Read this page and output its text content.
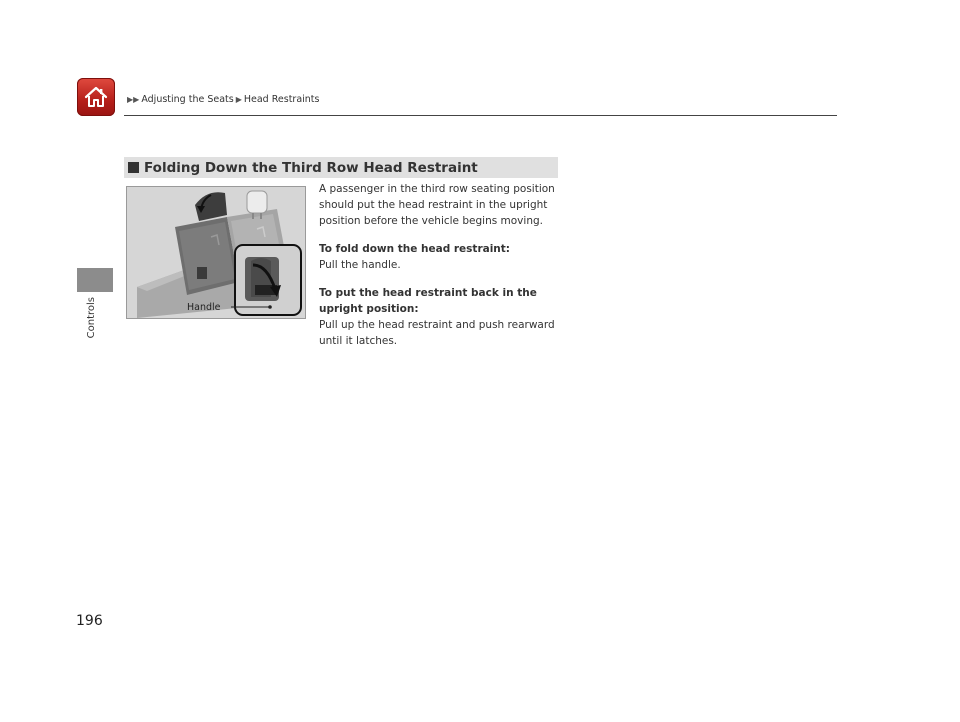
▶▶ Adjusting the Seats ▶ Head Restraints
Controls
Folding Down the Third Row Head Restraint
Handle

A passenger in the third row seating position should put the head restraint in the upright position before the vehicle begins moving.

To fold down the head restraint:

Pull the handle.

To put the head restraint back in the upright position:

Pull up the head restraint and push rearward until it latches.

196
